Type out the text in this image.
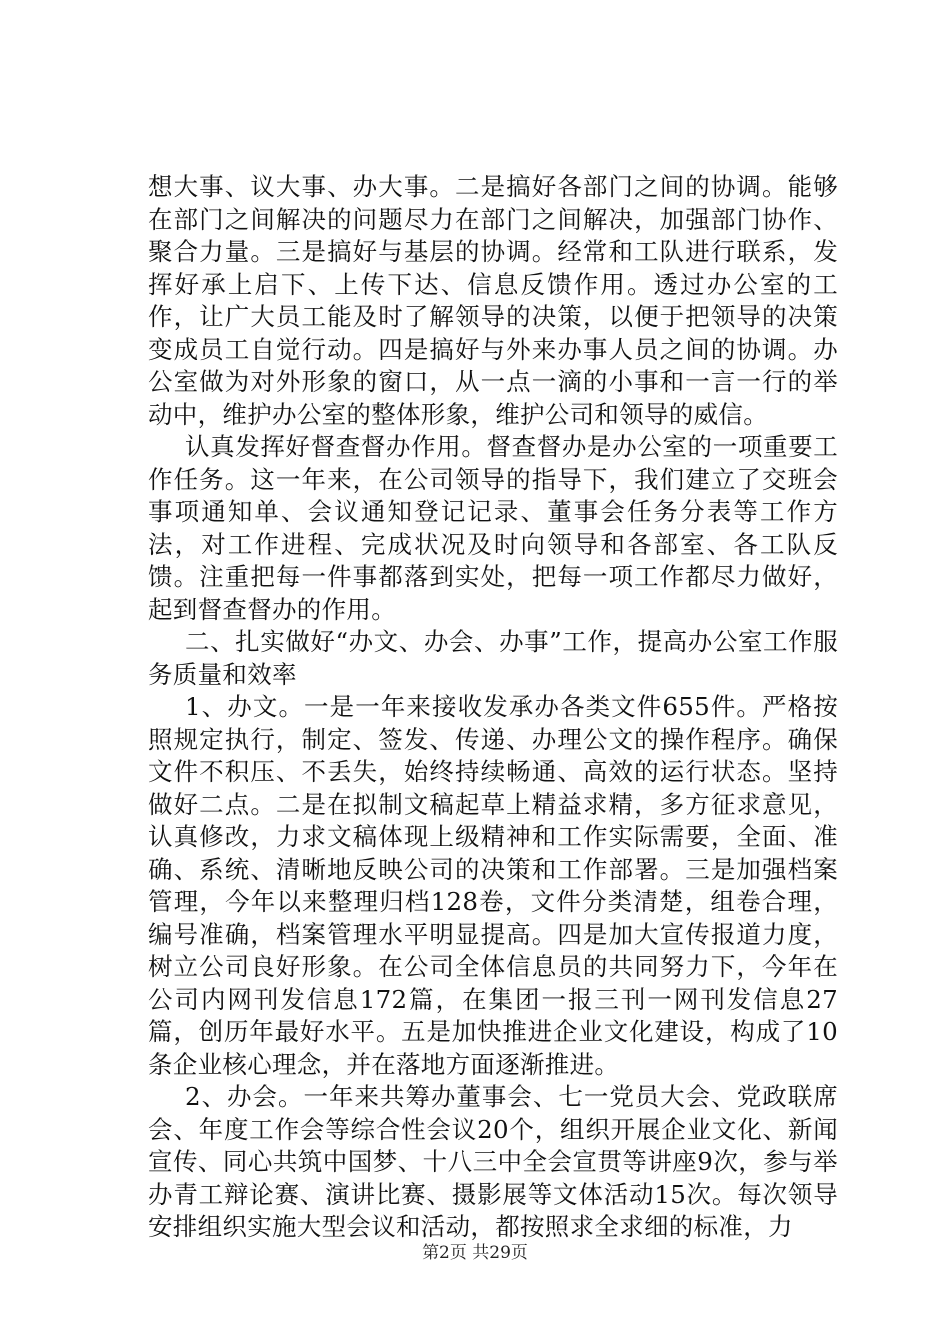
想大事、议大事、办大事。二是搞好各部门之间的协调。能够在部门之间解决的问题尽力在部门之间解决，加强部门协作、聚合力量。三是搞好与基层的协调。经常和工队进行联系，发挥好承上启下、上传下达、信息反馈作用。透过办公室的工作，让广大员工能及时了解领导的决策，以便于把领导的决策变成员工自觉行动。四是搞好与外来办事人员之间的协调。办公室做为对外形象的窗口，从一点一滴的小事和一言一行的举动中，维护办公室的整体形象，维护公司和领导的威信。

认真发挥好督查督办作用。督查督办是办公室的一项重要工作任务。这一年来，在公司领导的指导下，我们建立了交班会事项通知单、会议通知登记记录、董事会任务分表等工作方法，对工作进程、完成状况及时向领导和各部室、各工队反馈。注重把每一件事都落到实处，把每一项工作都尽力做好，起到督查督办的作用。

二、扎实做好“办文、办会、办事”工作，提高办公室工作服务质量和效率

1、办文。一是一年来接收发承办各类文件655件。严格按照规定执行，制定、签发、传递、办理公文的操作程序。确保文件不积压、不丢失，始终持续畅通、高效的运行状态。坚持做好二点。二是在拟制文稿起草上精益求精，多方征求意见，认真修改，力求文稿体现上级精神和工作实际需要，全面、准确、系统、清晰地反映公司的决策和工作部署。三是加强档案管理，今年以来整理归档128卷，文件分类清楚，组卷合理，编号准确，档案管理水平明显提高。四是加大宣传报道力度，树立公司良好形象。在公司全体信息员的共同努力下，今年在公司内网刊发信息172篇，在集团一报三刊一网刊发信息27篇，创历年最好水平。五是加快推进企业文化建设，构成了10条企业核心理念，并在落地方面逐渐推进。

2、办会。一年来共筹办董事会、七一党员大会、党政联席会、年度工作会等综合性会议20个，组织开展企业文化、新闻宣传、同心共筑中国梦、十八三中全会宣贯等讲座9次，参与举办青工辩论赛、演讲比赛、摄影展等文体活动15次。每次领导安排组织实施大型会议和活动，都按照求全求细的标准，力

第2页 共29页
